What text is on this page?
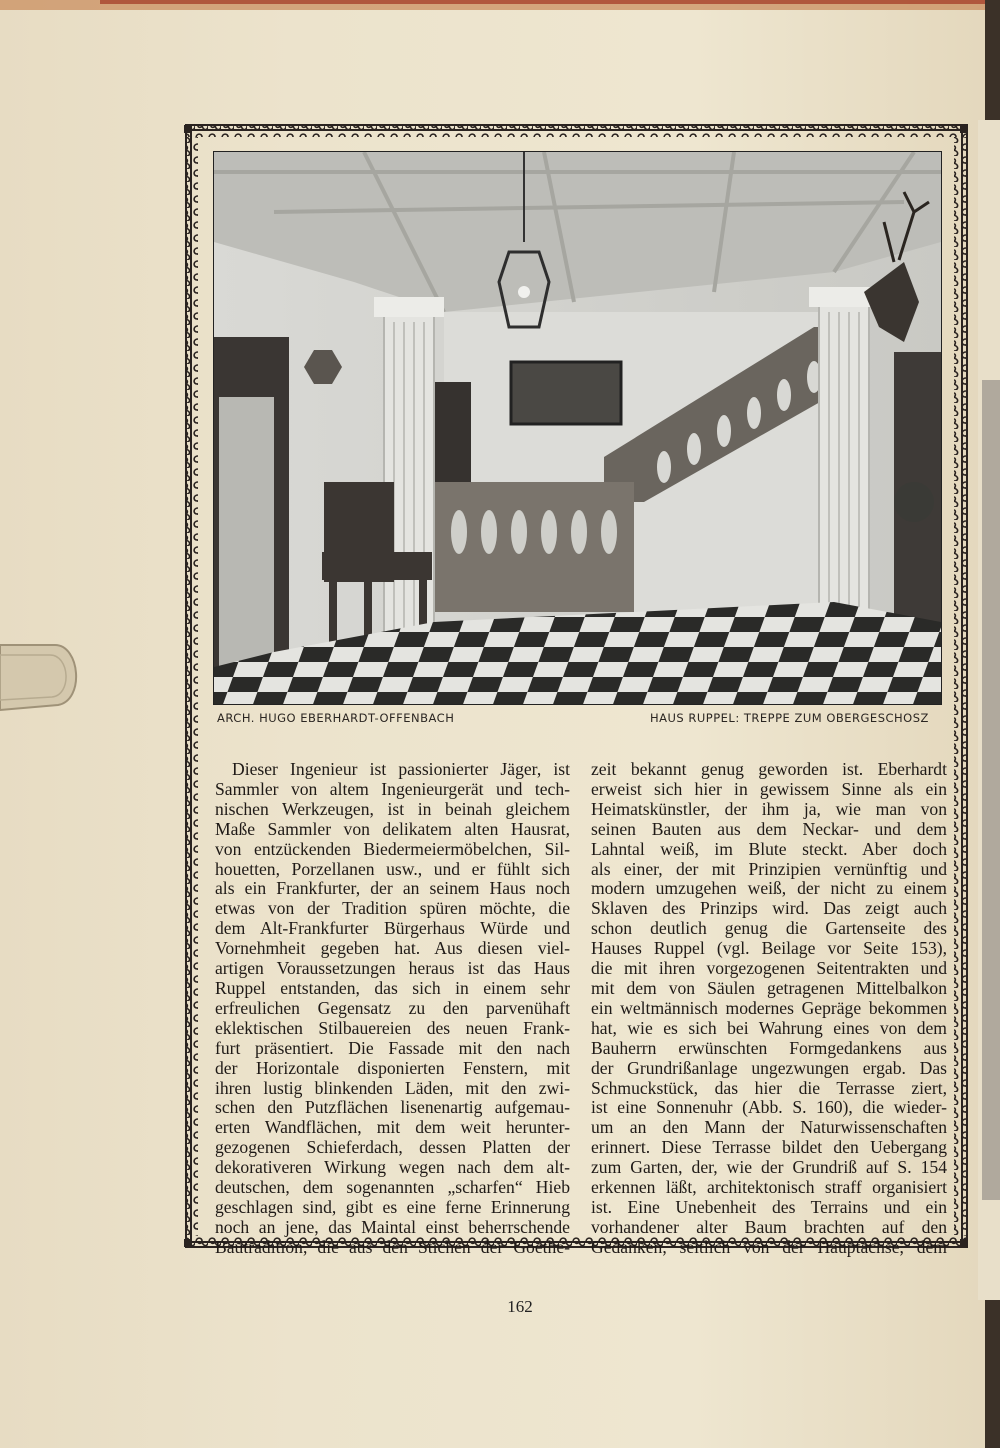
ARCH. HUGO EBERHARDT-OFFENBACH	HAUS RUPPEL: TREPPE ZUM OBERGESCHOSZ
Dieser Ingenieur ist passionierter Jäger, ist
Sammler von altem Ingenieurgerät und tech-
nischen Werkzeugen, ist in beinah gleichem
Maße Sammler von delikatem alten Hausrat,
von entzückenden Biedermeiermöbelchen, Sil-
houetten, Porzellanen usw., und er fühlt sich
als ein Frankfurter, der an seinem Haus noch
etwas von der Tradition spüren möchte, die
dem Alt-Frankfurter Bürgerhaus Würde und
Vornehmheit gegeben hat. Aus diesen viel-
artigen Voraussetzungen heraus ist das Haus
Ruppel entstanden, das sich in einem sehr
erfreulichen Gegensatz zu den parvenühaft
eklektischen Stilbauereien des neuen Frank-
furt präsentiert. Die Fassade mit den nach
der Horizontale disponierten Fenstern, mit
ihren lustig blinkenden Läden, mit den zwi-
schen den Putzflächen lisenenartig aufgemau-
erten Wandflächen, mit dem weit herunter-
gezogenen Schieferdach, dessen Platten der
dekorativeren Wirkung wegen nach dem alt-
deutschen, dem sogenannten „scharfen“ Hieb
geschlagen sind, gibt es eine ferne Erinnerung
noch an jene, das Maintal einst beherrschende
Bautradition, die aus den Stichen der Goethe-
zeit bekannt genug geworden ist. Eberhardt
erweist sich hier in gewissem Sinne als ein
Heimatskünstler, der ihm ja, wie man von
seinen Bauten aus dem Neckar- und dem
Lahntal weiß, im Blute steckt. Aber doch
als einer, der mit Prinzipien vernünftig und
modern umzugehen weiß, der nicht zu einem
Sklaven des Prinzips wird. Das zeigt auch
schon deutlich genug die Gartenseite des
Hauses Ruppel (vgl. Beilage vor Seite 153),
die mit ihren vorgezogenen Seitentrakten und
mit dem von Säulen getragenen Mittelbalkon
ein weltmännisch modernes Gepräge bekommen
hat, wie es sich bei Wahrung eines von dem
Bauherrn erwünschten Formgedankens aus
der Grundrißanlage ungezwungen ergab. Das
Schmuckstück, das hier die Terrasse ziert,
ist eine Sonnenuhr (Abb. S. 160), die wieder-
um an den Mann der Naturwissenschaften
erinnert. Diese Terrasse bildet den Uebergang
zum Garten, der, wie der Grundriß auf S. 154
erkennen läßt, architektonisch straff organisiert
ist. Eine Unebenheit des Terrains und ein
vorhandener alter Baum brachten auf den
Gedanken, seitlich von der Hauptachse, dem
162
